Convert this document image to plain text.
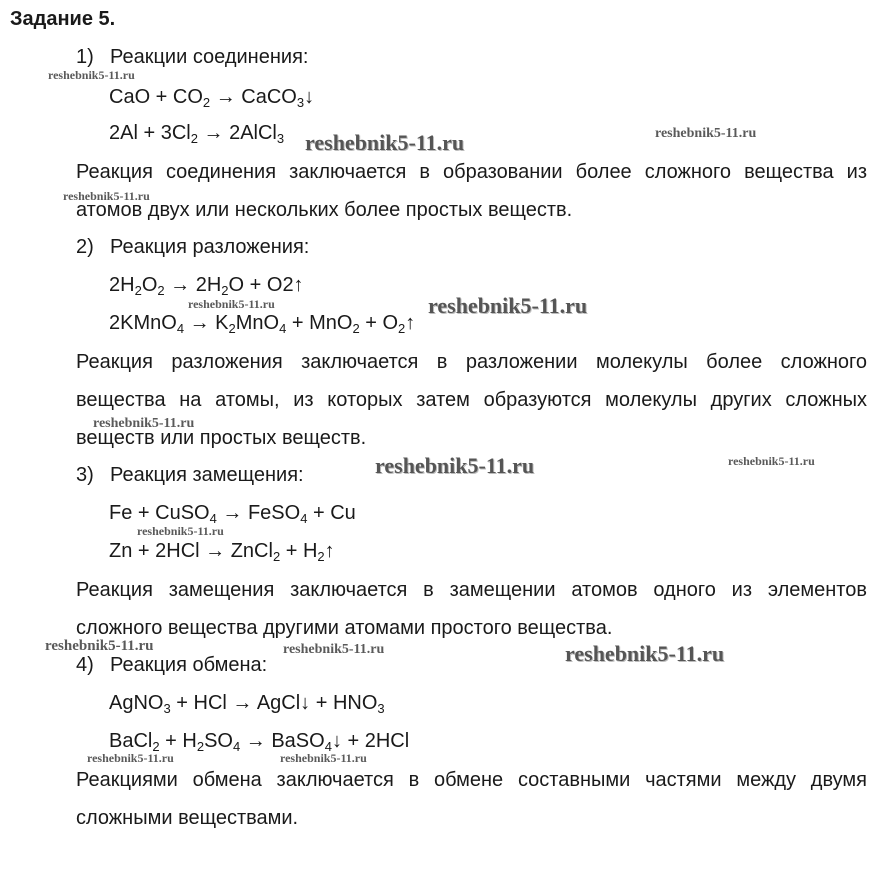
Задание 5.
1) Реакции соединения:
CaO + $CO_2$ → CaCO$_3$↓
$2Al + 3Cl_2$ → 2AlCl$_3$

Реакция соединения заключается в образовании более сложного вещества из атомов двух или нескольких более простых веществ.

2) Реакция разложения:
$2H_2O_2 \to 2H_2O$ + O2↑
2KMnO$_4$ → $K_2MnO_4 + MnO_2$ + $O_2↑$

Реакция разложения заключается в разложении молекулы более сложного вещества на атомы, из которых затем образуются молекулы других сложных веществ или простых веществ.

3) Реакция замещения:
Fe + CuSO$_4$ → FeSO$_4$ + Cu
Zn + 2HCl → ZnCl$_2$ + $H_2↑$

Реакция замещения заключается в замещении атомов одного из элементов сложного вещества другими атомами простого вещества.

4) Реакция обмена:
AgNO$_3$ + HCl → AgCl↓ + $HNO_3$
BaCl$_2$ + $H_2SO_4$ → BaSO$_4$↓ + 2HCl

Реакциями обмена заключается в обмене составными частями между двумя сложными веществами.

reshebnik5-11.ru
reshebnik5-11.ru	reshebnik5-11.ru
reshebnik5-11.ru
reshebnik5-11.ru	reshebnik5-11.ru
reshebnik5-11.ru
reshebnik5-11.ru	reshebnik5-11.ru
reshebnik5-11.ru
reshebnik5-11.ru	reshebnik5-11.ru	reshebnik5-11.ru
reshebnik5-11.ru	reshebnik5-11.ru
